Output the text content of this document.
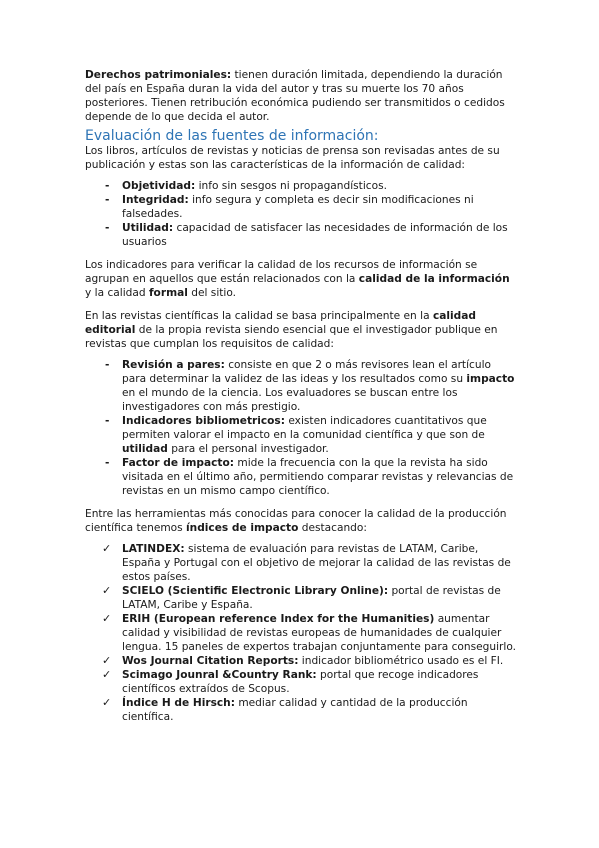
Derechos patrimoniales: tienen duración limitada, dependiendo la duración del país en España duran la vida del autor y tras su muerte los 70 años posteriores. Tienen retribución económica pudiendo ser transmitidos o cedidos depende de lo que decida el autor.

Evaluación de las fuentes de información:

Los libros, artículos de revistas y noticias de prensa son revisadas antes de su publicación y estas son las características de la información de calidad:

- Objetividad: info sin sesgos ni propagandísticos.
- Integridad: info segura y completa es decir sin modificaciones ni falsedades.
- Utilidad: capacidad de satisfacer las necesidades de información de los usuarios

Los indicadores para verificar la calidad de los recursos de información se agrupan en aquellos que están relacionados con la calidad de la información y la calidad formal del sitio.

En las revistas científicas la calidad se basa principalmente en la calidad editorial de la propia revista siendo esencial que el investigador publique en revistas que cumplan los requisitos de calidad:

- Revisión a pares: consiste en que 2 o más revisores lean el artículo para determinar la validez de las ideas y los resultados como su impacto en el mundo de la ciencia. Los evaluadores se buscan entre los investigadores con más prestigio.
- Indicadores bibliometricos: existen indicadores cuantitativos que permiten valorar el impacto en la comunidad científica y que son de utilidad para el personal investigador.
- Factor de impacto: mide la frecuencia con la que la revista ha sido visitada en el último año, permitiendo comparar revistas y relevancias de revistas en un mismo campo científico.

Entre las herramientas más conocidas para conocer la calidad de la producción científica tenemos índices de impacto destacando:

✓ LATINDEX: sistema de evaluación para revistas de LATAM, Caribe, España y Portugal con el objetivo de mejorar la calidad de las revistas de estos países.
✓ SCIELO (Scientific Electronic Library Online): portal de revistas de LATAM, Caribe y España.
✓ ERIH (European reference Index for the Humanities) aumentar calidad y visibilidad de revistas europeas de humanidades de cualquier lengua. 15 paneles de expertos trabajan conjuntamente para conseguirlo.
✓ Wos Journal Citation Reports: indicador bibliométrico usado es el FI.
✓ Scimago Jounral &Country Rank: portal que recoge indicadores científicos extraídos de Scopus.
✓ Índice H de Hirsch: mediar calidad y cantidad de la producción científica.
